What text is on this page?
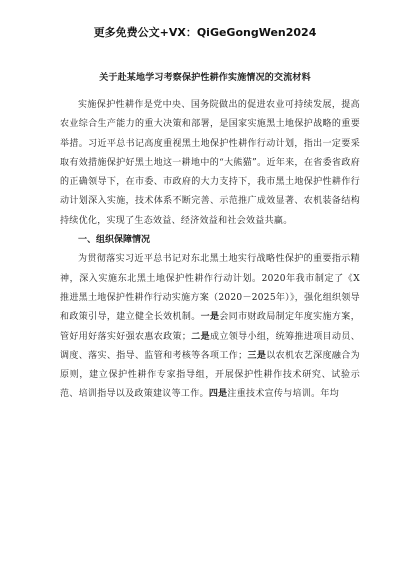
更多免费公文+VX：QiGeGongWen2024
关于赴某地学习考察保护性耕作实施情况的交流材料

实施保护性耕作是党中央、国务院做出的促进农业可持续发展，提高农业综合生产能力的重大决策和部署，是国家实施黑土地保护战略的重要举措。习近平总书记高度重视黑土地保护性耕作行动计划，指出一定要采取有效措施保护好黑土地这一耕地中的“大熊猫”。近年来，在省委省政府的正确领导下，在市委、市政府的大力支持下，我市黑土地保护性耕作行动计划深入实施，技术体系不断完善、示范推广成效显著、农机装备结构持续优化，实现了生态效益、经济效益和社会效益共赢。

一、组织保障情况

为贯彻落实习近平总书记对东北黑土地实行战略性保护的重要指示精神，深入实施东北黑土地保护性耕作行动计划。2020年我市制定了《X推进黑土地保护性耕作行动实施方案（2020－2025年）》，强化组织领导和政策引导，建立健全长效机制。一是会同市财政局制定年度实施方案，管好用好落实好强农惠农政策；二是成立领导小组，统筹推进项目动员、调度、落实、指导、监管和考核等各项工作；三是以农机农艺深度融合为原则，建立保护性耕作专家指导组，开展保护性耕作技术研究、试验示范、培训指导以及政策建议等工作。四是注重技术宣传与培训。年均
